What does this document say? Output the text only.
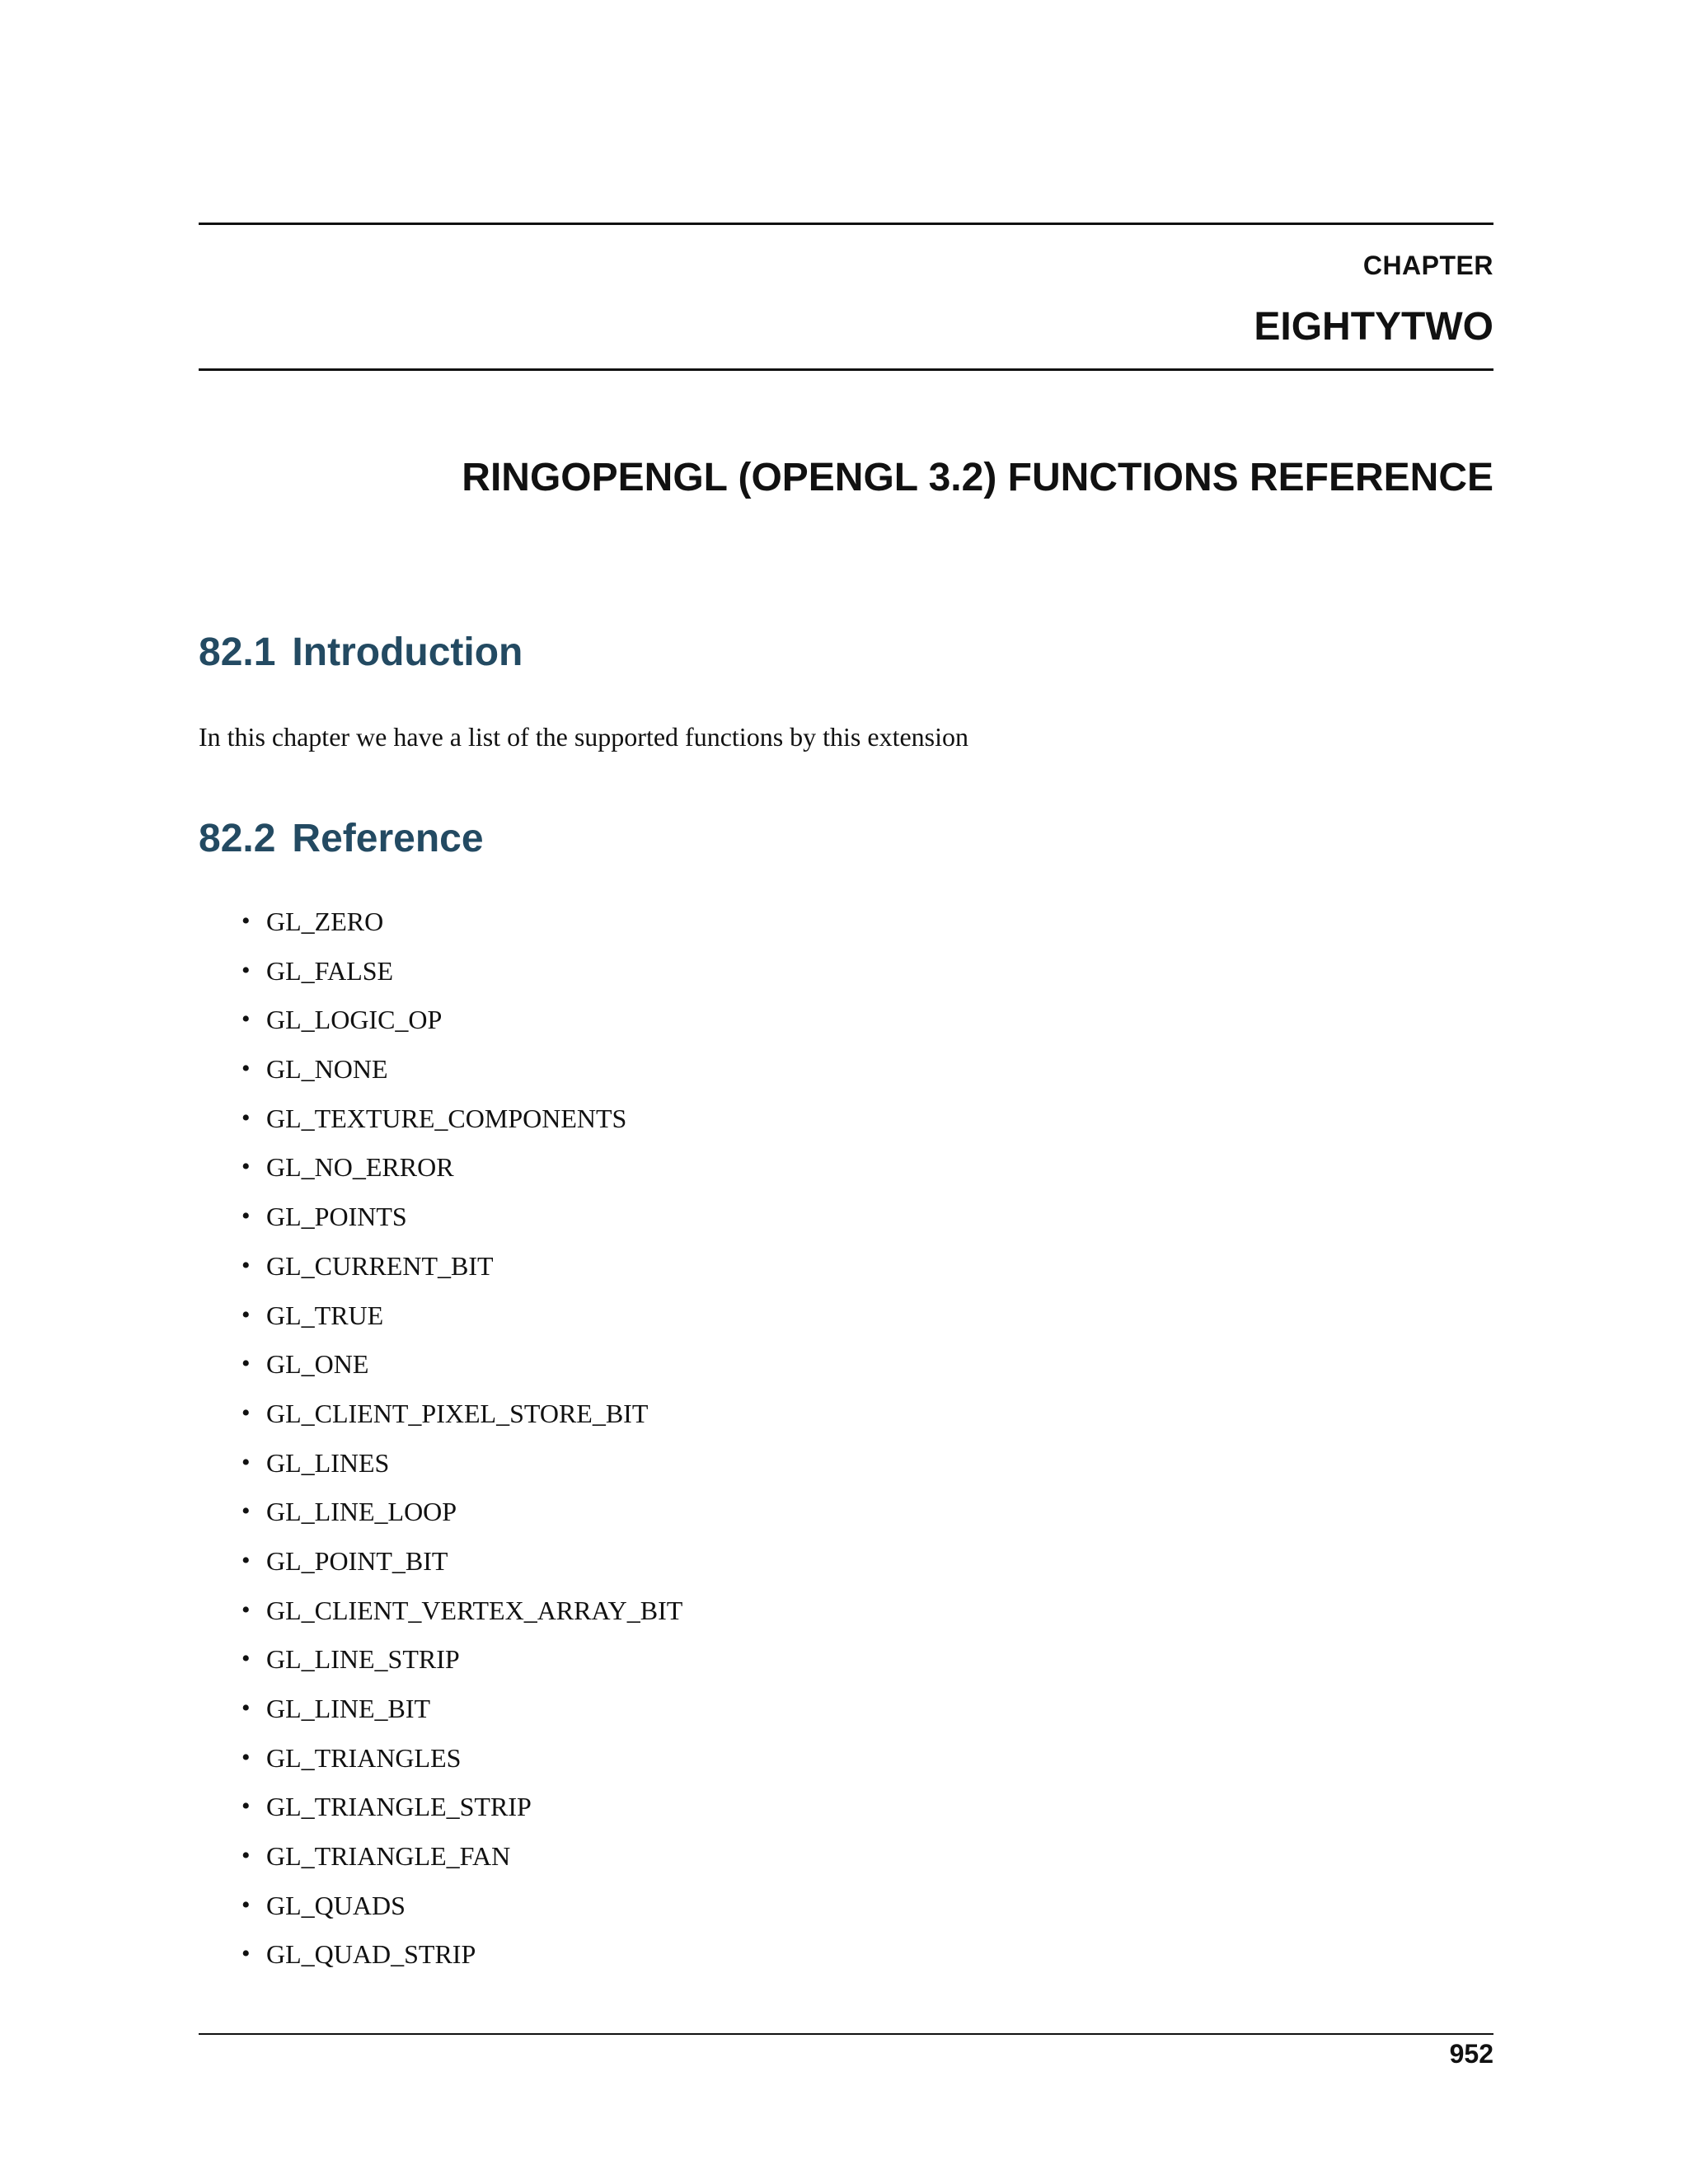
CHAPTER
EIGHTYTWO
RINGOPENGL (OPENGL 3.2) FUNCTIONS REFERENCE
82.1 Introduction
In this chapter we have a list of the supported functions by this extension
82.2 Reference
• GL_ZERO
• GL_FALSE
• GL_LOGIC_OP
• GL_NONE
• GL_TEXTURE_COMPONENTS
• GL_NO_ERROR
• GL_POINTS
• GL_CURRENT_BIT
• GL_TRUE
• GL_ONE
• GL_CLIENT_PIXEL_STORE_BIT
• GL_LINES
• GL_LINE_LOOP
• GL_POINT_BIT
• GL_CLIENT_VERTEX_ARRAY_BIT
• GL_LINE_STRIP
• GL_LINE_BIT
• GL_TRIANGLES
• GL_TRIANGLE_STRIP
• GL_TRIANGLE_FAN
• GL_QUADS
• GL_QUAD_STRIP
952
